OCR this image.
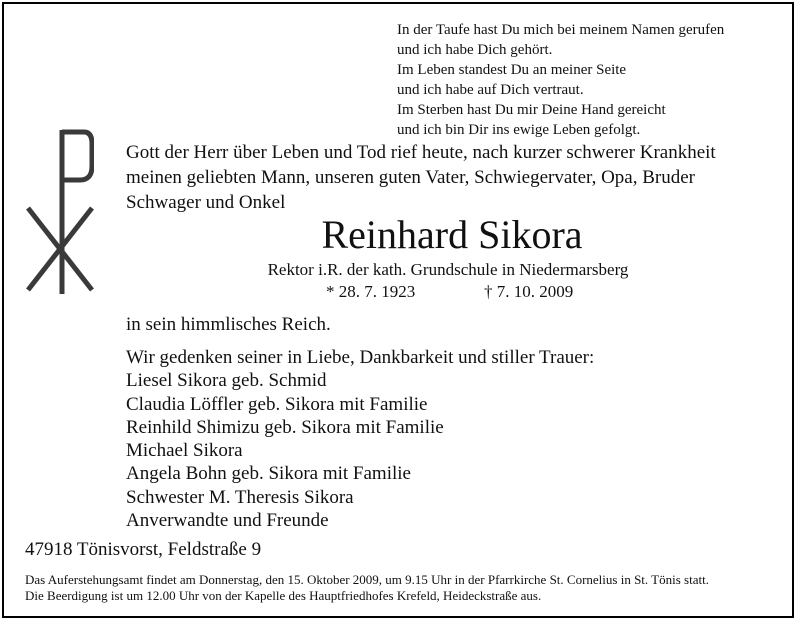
In der Taufe hast Du mich bei meinem Namen gerufen
und ich habe Dich gehört.
Im Leben standest Du an meiner Seite
und ich habe auf Dich vertraut.
Im Sterben hast Du mir Deine Hand gereicht
und ich bin Dir ins ewige Leben gefolgt.
Gott der Herr über Leben und Tod rief heute, nach kurzer schwerer Krankheit
meinen geliebten Mann, unseren guten Vater, Schwiegervater, Opa, Bruder
Schwager und Onkel
Reinhard Sikora
Rektor i.R. der kath. Grundschule in Niedermarsberg
* 28. 7. 1923	† 7. 10. 2009
in sein himmlisches Reich.
Wir gedenken seiner in Liebe, Dankbarkeit und stiller Trauer:
Liesel Sikora geb. Schmid
Claudia Löffler geb. Sikora mit Familie
Reinhild Shimizu geb. Sikora mit Familie
Michael Sikora
Angela Bohn geb. Sikora mit Familie
Schwester M. Theresis Sikora
Anverwandte und Freunde
47918 Tönisvorst, Feldstraße 9
Das Auferstehungsamt findet am Donnerstag, den 15. Oktober 2009, um 9.15 Uhr in der Pfarrkirche St. Cornelius in St. Tönis statt.
Die Beerdigung ist um 12.00 Uhr von der Kapelle des Hauptfriedhofes Krefeld, Heideckstraße aus.
